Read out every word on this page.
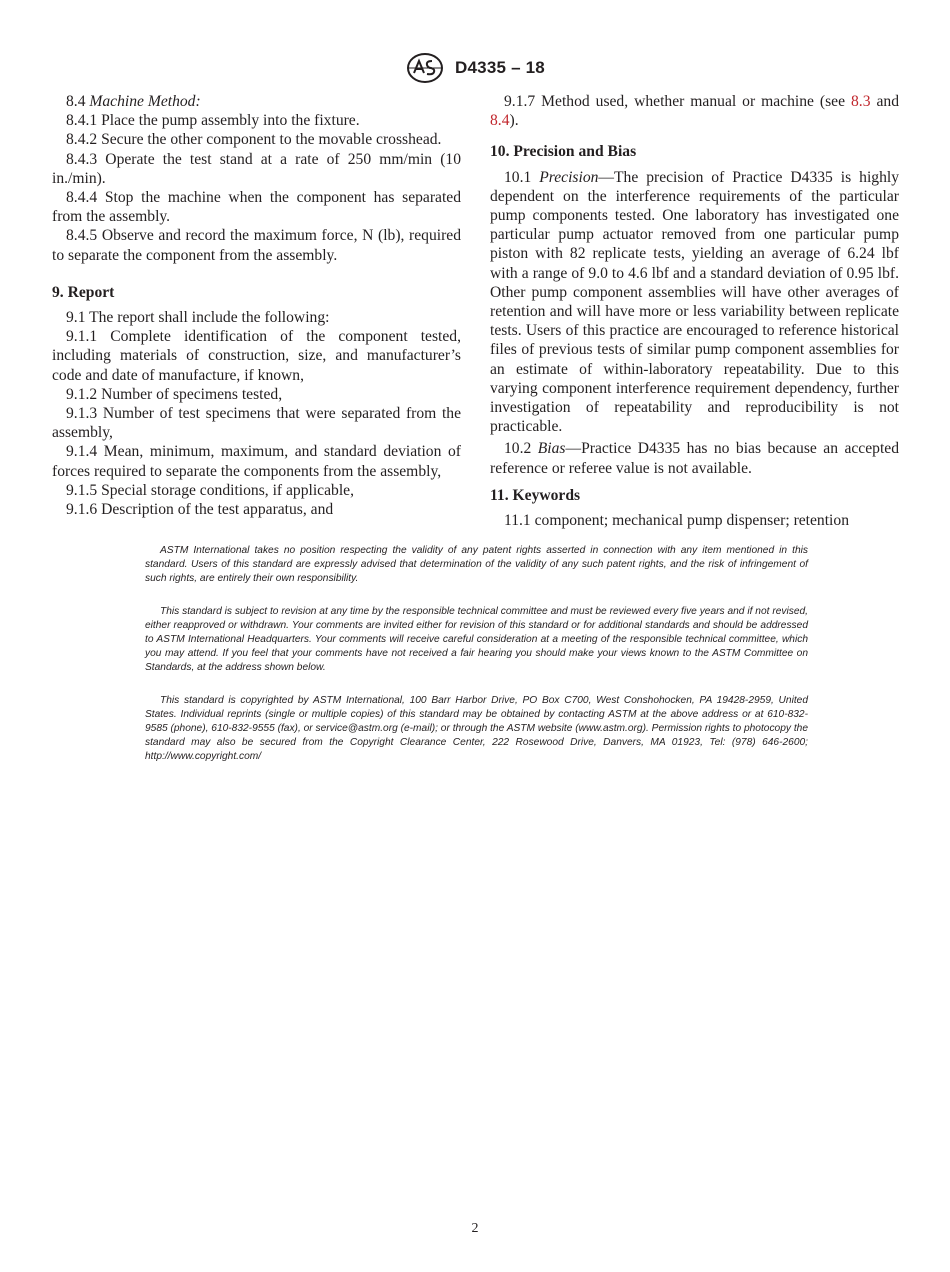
D4335 – 18

8.4 Machine Method:

8.4.1 Place the pump assembly into the fixture.

8.4.2 Secure the other component to the movable crosshead.

8.4.3 Operate the test stand at a rate of 250 mm/min (10 in./min).

8.4.4 Stop the machine when the component has separated from the assembly.

8.4.5 Observe and record the maximum force, N (lb), required to separate the component from the assembly.

9. Report

9.1 The report shall include the following:

9.1.1 Complete identification of the component tested, including materials of construction, size, and manufacturer’s code and date of manufacture, if known,

9.1.2 Number of specimens tested,

9.1.3 Number of test specimens that were separated from the assembly,

9.1.4 Mean, minimum, maximum, and standard deviation of forces required to separate the components from the assembly,

9.1.5 Special storage conditions, if applicable,

9.1.6 Description of the test apparatus, and

9.1.7 Method used, whether manual or machine (see 8.3 and 8.4).

10. Precision and Bias

10.1 Precision—The precision of Practice D4335 is highly dependent on the interference requirements of the particular pump components tested. One laboratory has investigated one particular pump actuator removed from one particular pump piston with 82 replicate tests, yielding an average of 6.24 lbf with a range of 9.0 to 4.6 lbf and a standard deviation of 0.95 lbf. Other pump component assemblies will have other averages of retention and will have more or less variability between replicate tests. Users of this practice are encouraged to reference historical files of previous tests of similar pump component assemblies for an estimate of within-laboratory repeatability. Due to this varying component interference requirement dependency, further investigation of repeatability and reproducibility is not practicable.

10.2 Bias—Practice D4335 has no bias because an accepted reference or referee value is not available.

11. Keywords

11.1 component; mechanical pump dispenser; retention

ASTM International takes no position respecting the validity of any patent rights asserted in connection with any item mentioned in this standard. Users of this standard are expressly advised that determination of the validity of any such patent rights, and the risk of infringement of such rights, are entirely their own responsibility.

This standard is subject to revision at any time by the responsible technical committee and must be reviewed every five years and if not revised, either reapproved or withdrawn. Your comments are invited either for revision of this standard or for additional standards and should be addressed to ASTM International Headquarters. Your comments will receive careful consideration at a meeting of the responsible technical committee, which you may attend. If you feel that your comments have not received a fair hearing you should make your views known to the ASTM Committee on Standards, at the address shown below.

This standard is copyrighted by ASTM International, 100 Barr Harbor Drive, PO Box C700, West Conshohocken, PA 19428-2959, United States. Individual reprints (single or multiple copies) of this standard may be obtained by contacting ASTM at the above address or at 610-832-9585 (phone), 610-832-9555 (fax), or service@astm.org (e-mail); or through the ASTM website (www.astm.org). Permission rights to photocopy the standard may also be secured from the Copyright Clearance Center, 222 Rosewood Drive, Danvers, MA 01923, Tel: (978) 646-2600; http://www.copyright.com/

2
